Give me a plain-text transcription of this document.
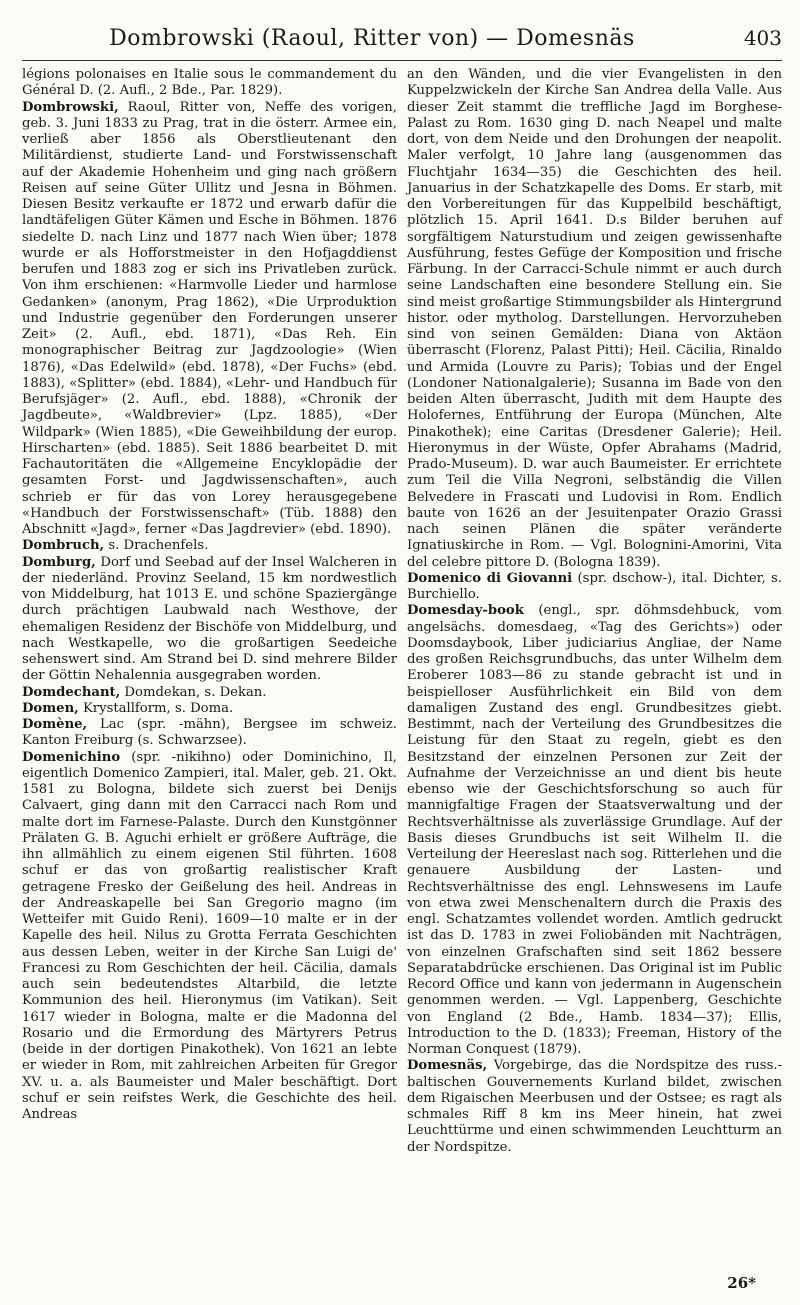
Dombrowski (Raoul, Ritter von) — Domesnäs	403

légions polonaises en Italie sous le commandement du Général D. (2. Aufl., 2 Bde., Par. 1829).

Dombrowski, Raoul, Ritter von, Neffe des vorigen, geb. 3. Juni 1833 zu Prag, trat in die österr. Armee ein, verließ aber 1856 als Oberstlieutenant den Militärdienst, studierte Land- und Forstwissenschaft auf der Akademie Hohenheim und ging nach größern Reisen auf seine Güter Ullitz und Jesna in Böhmen. Diesen Besitz verkaufte er 1872 und erwarb dafür die landtäfeligen Güter Kämen und Esche in Böhmen. 1876 siedelte D. nach Linz und 1877 nach Wien über; 1878 wurde er als Hofforstmeister in den Hofjagddienst berufen und 1883 zog er sich ins Privatleben zurück. Von ihm erschienen: «Harmvolle Lieder und harmlose Gedanken» (anonym, Prag 1862), «Die Urproduktion und Industrie gegenüber den Forderungen unserer Zeit» (2. Aufl., ebd. 1871), «Das Reh. Ein monographischer Beitrag zur Jagdzoologie» (Wien 1876), «Das Edelwild» (ebd. 1878), «Der Fuchs» (ebd. 1883), «Splitter» (ebd. 1884), «Lehr- und Handbuch für Berufsjäger» (2. Aufl., ebd. 1888), «Chronik der Jagdbeute», «Waldbrevier» (Lpz. 1885), «Der Wildpark» (Wien 1885), «Die Geweihbildung der europ. Hirscharten» (ebd. 1885). Seit 1886 bearbeitet D. mit Fachautoritäten die «Allgemeine Encyklopädie der gesamten Forst- und Jagdwissenschaften», auch schrieb er für das von Lorey herausgegebene «Handbuch der Forstwissenschaft» (Tüb. 1888) den Abschnitt «Jagd», ferner «Das Jagdrevier» (ebd. 1890).

Dombruch, s. Drachenfels.

Domburg, Dorf und Seebad auf der Insel Walcheren in der niederländ. Provinz Seeland, 15 km nordwestlich von Middelburg, hat 1013 E. und schöne Spaziergänge durch prächtigen Laubwald nach Westhove, der ehemaligen Residenz der Bischöfe von Middelburg, und nach Westkapelle, wo die großartigen Seedeiche sehenswert sind. Am Strand bei D. sind mehrere Bilder der Göttin Nehalennia ausgegraben worden.

Domdechant, Domdekan, s. Dekan.

Domen, Krystallform, s. Doma.

Domène, Lac (spr. -mähn), Bergsee im schweiz. Kanton Freiburg (s. Schwarzsee).

Domenichino (spr. -nikihno) oder Dominichino, Il, eigentlich Domenico Zampieri, ital. Maler, geb. 21. Okt. 1581 zu Bologna, bildete sich zuerst bei Denijs Calvaert, ging dann mit den Carracci nach Rom und malte dort im Farnese-Palaste. Durch den Kunstgönner Prälaten G. B. Aguchi erhielt er größere Aufträge, die ihn allmählich zu einem eigenen Stil führten. 1608 schuf er das von großartig realistischer Kraft getragene Fresko der Geißelung des heil. Andreas in der Andreaskapelle bei San Gregorio magno (im Wetteifer mit Guido Reni). 1609—10 malte er in der Kapelle des heil. Nilus zu Grotta Ferrata Geschichten aus dessen Leben, weiter in der Kirche San Luigi de' Francesi zu Rom Geschichten der heil. Cäcilia, damals auch sein bedeutendstes Altarbild, die letzte Kommunion des heil. Hieronymus (im Vatikan). Seit 1617 wieder in Bologna, malte er die Madonna del Rosario und die Ermordung des Märtyrers Petrus (beide in der dortigen Pinakothek). Von 1621 an lebte er wieder in Rom, mit zahlreichen Arbeiten für Gregor XV. u. a. als Baumeister und Maler beschäftigt. Dort schuf er sein reifstes Werk, die Geschichte des heil. Andreas

an den Wänden, und die vier Evangelisten in den Kuppelzwickeln der Kirche San Andrea della Valle. Aus dieser Zeit stammt die treffliche Jagd im Borghese-Palast zu Rom. 1630 ging D. nach Neapel und malte dort, von dem Neide und den Drohungen der neapolit. Maler verfolgt, 10 Jahre lang (ausgenommen das Fluchtjahr 1634—35) die Geschichten des heil. Januarius in der Schatzkapelle des Doms. Er starb, mit den Vorbereitungen für das Kuppelbild beschäftigt, plötzlich 15. April 1641. D.s Bilder beruhen auf sorgfältigem Naturstudium und zeigen gewissenhafte Ausführung, festes Gefüge der Komposition und frische Färbung. In der Carracci-Schule nimmt er auch durch seine Landschaften eine besondere Stellung ein. Sie sind meist großartige Stimmungsbilder als Hintergrund histor. oder mytholog. Darstellungen. Hervorzuheben sind von seinen Gemälden: Diana von Aktäon überrascht (Florenz, Palast Pitti); Heil. Cäcilia, Rinaldo und Armida (Louvre zu Paris); Tobias und der Engel (Londoner Nationalgalerie); Susanna im Bade von den beiden Alten überrascht, Judith mit dem Haupte des Holofernes, Entführung der Europa (München, Alte Pinakothek); eine Caritas (Dresdener Galerie); Heil. Hieronymus in der Wüste, Opfer Abrahams (Madrid, Prado-Museum). D. war auch Baumeister. Er errichtete zum Teil die Villa Negroni, selbständig die Villen Belvedere in Frascati und Ludovisi in Rom. Endlich baute von 1626 an der Jesuitenpater Orazio Grassi nach seinen Plänen die später veränderte Ignatiuskirche in Rom. — Vgl. Bolognini-Amorini, Vita del celebre pittore D. (Bologna 1839).

Domenico di Giovanni (spr. dschow-), ital. Dichter, s. Burchiello.

Domesday-book (engl., spr. döhmsdehbuck, vom angelsächs. domesdaeg, «Tag des Gerichts») oder Doomsdaybook, Liber judiciarius Angliae, der Name des großen Reichsgrundbuchs, das unter Wilhelm dem Eroberer 1083—86 zu stande gebracht ist und in beispielloser Ausführlichkeit ein Bild von dem damaligen Zustand des engl. Grundbesitzes giebt. Bestimmt, nach der Verteilung des Grundbesitzes die Leistung für den Staat zu regeln, giebt es den Besitzstand der einzelnen Personen zur Zeit der Aufnahme der Verzeichnisse an und dient bis heute ebenso wie der Geschichtsforschung so auch für mannigfaltige Fragen der Staatsverwaltung und der Rechtsverhältnisse als zuverlässige Grundlage. Auf der Basis dieses Grundbuchs ist seit Wilhelm II. die Verteilung der Heereslast nach sog. Ritterlehen und die genauere Ausbildung der Lasten- und Rechtsverhältnisse des engl. Lehnswesens im Laufe von etwa zwei Menschenaltern durch die Praxis des engl. Schatzamtes vollendet worden. Amtlich gedruckt ist das D. 1783 in zwei Foliobänden mit Nachträgen, von einzelnen Grafschaften sind seit 1862 bessere Separatabdrücke erschienen. Das Original ist im Public Record Office und kann von jedermann in Augenschein genommen werden. — Vgl. Lappenberg, Geschichte von England (2 Bde., Hamb. 1834—37); Ellis, Introduction to the D. (1833); Freeman, History of the Norman Conquest (1879).

Domesnäs, Vorgebirge, das die Nordspitze des russ.-baltischen Gouvernements Kurland bildet, zwischen dem Rigaischen Meerbusen und der Ostsee; es ragt als schmales Riff 8 km ins Meer hinein, hat zwei Leuchttürme und einen schwimmenden Leuchtturm an der Nordspitze.

26*
